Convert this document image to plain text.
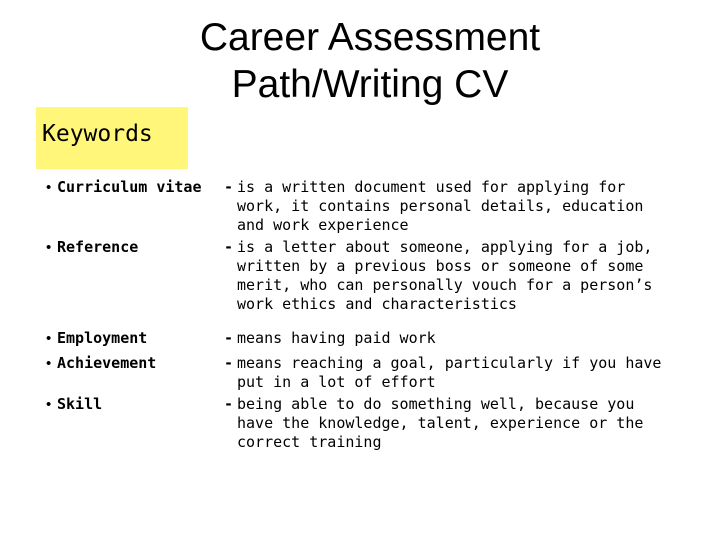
Career Assessment
Path/Writing CV
Keywords
• Curriculum vitae - is a written document used for applying for
work, it contains personal details, education
and work experience
• Reference	- is a letter about someone, applying for a job,
written by a previous boss or someone of some
merit, who can personally vouch for a person’s
work ethics and characteristics
• Employment	- means having paid work
• Achievement	- means reaching a goal, particularly if you have
put in a lot of effort
• Skill	- being able to do something well, because you
have the knowledge, talent, experience or the
correct training
